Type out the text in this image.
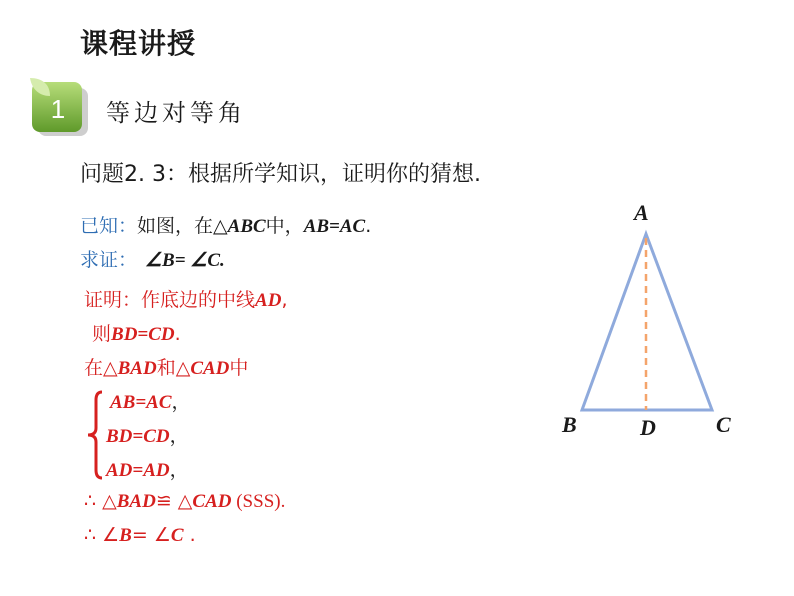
课程讲授
1 等边对等角
问题2. 3：根据所学知识，证明你的猜想.
已知：如图，在△ABC中，AB=AC.
求证： ∠B= ∠C.
证明：作底边的中线AD,
则BD=CD.
在△BAD和△CAD中
AB=AC，
BD=CD，
AD=AD，
∴ △BAD≌ △CAD (SSS).
∴ ∠B= ∠C .
A
B	C
D
